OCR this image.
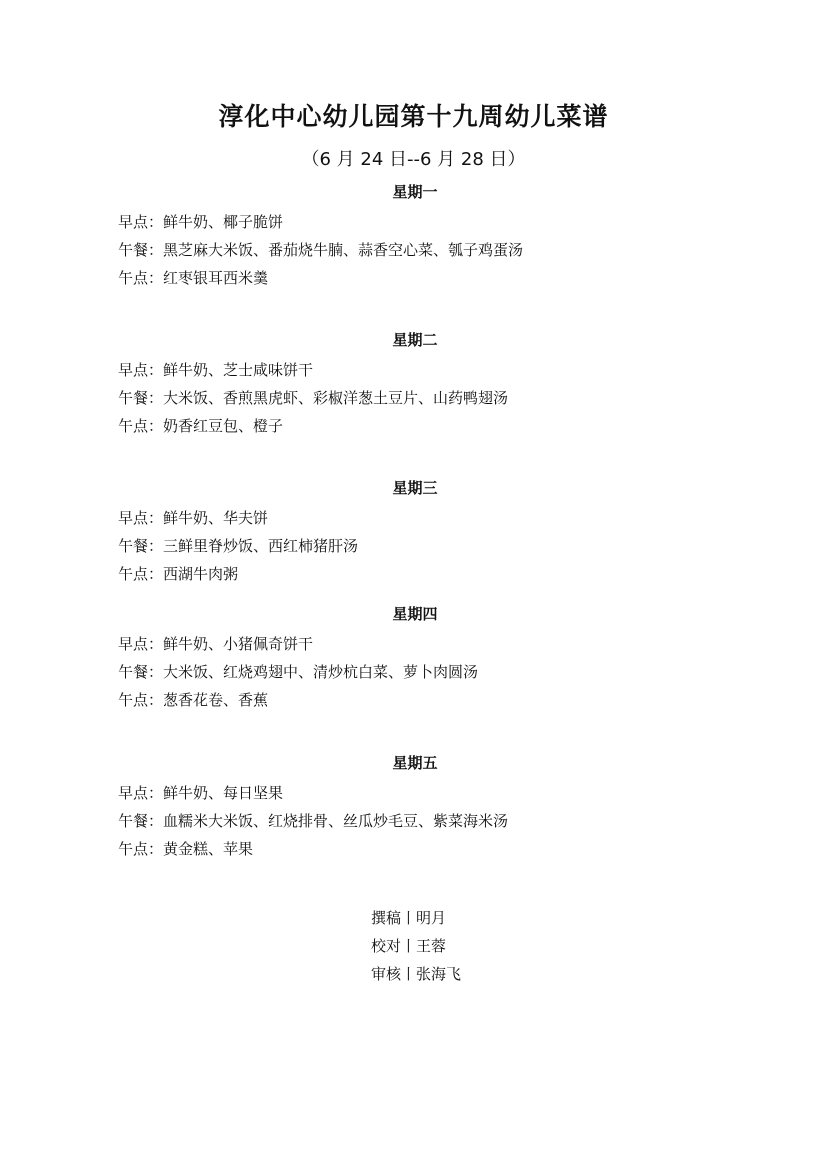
淳化中心幼儿园第十九周幼儿菜谱
（6 月 24 日--6 月 28 日）
星期一
早点：鲜牛奶、椰子脆饼
午餐：黑芝麻大米饭、番茄烧牛腩、蒜香空心菜、瓠子鸡蛋汤
午点：红枣银耳西米羹
星期二
早点：鲜牛奶、芝士咸味饼干
午餐：大米饭、香煎黑虎虾、彩椒洋葱土豆片、山药鸭翅汤
午点：奶香红豆包、橙子
星期三
早点：鲜牛奶、华夫饼
午餐：三鲜里脊炒饭、西红柿猪肝汤
午点：西湖牛肉粥
星期四
早点：鲜牛奶、小猪佩奇饼干
午餐：大米饭、红烧鸡翅中、清炒杭白菜、萝卜肉圆汤
午点：葱香花卷、香蕉
星期五
早点：鲜牛奶、每日坚果
午餐：血糯米大米饭、红烧排骨、丝瓜炒毛豆、紫菜海米汤
午点：黄金糕、苹果
撰稿丨明月
校对丨王蓉
审核丨张海飞
